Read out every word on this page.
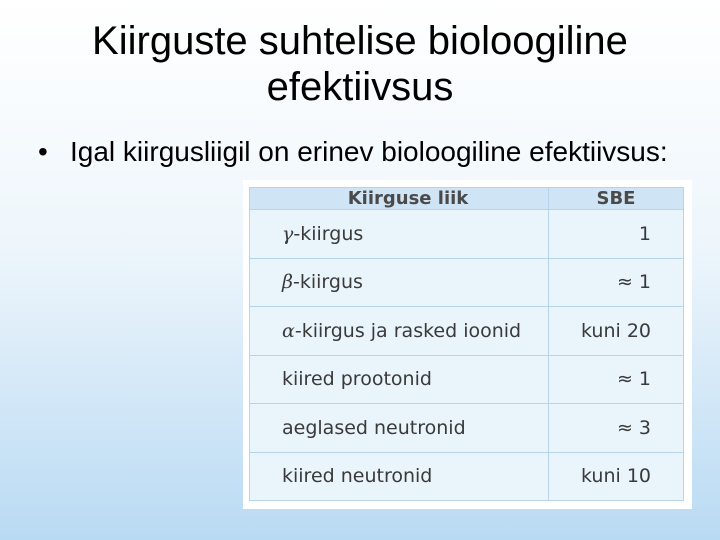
Kiirguste suhtelise bioloogiline
efektiivsus
• Igal kiirgusliigil on erinev bioloogiline efektiivsus:
Kiirguse liik	SBE
γ-kiirgus	1
β-kiirgus	≈ 1
α-kiirgus ja rasked ioonid	kuni 20
kiired prootonid	≈ 1
aeglased neutronid	≈ 3
kiired neutronid	kuni 10
